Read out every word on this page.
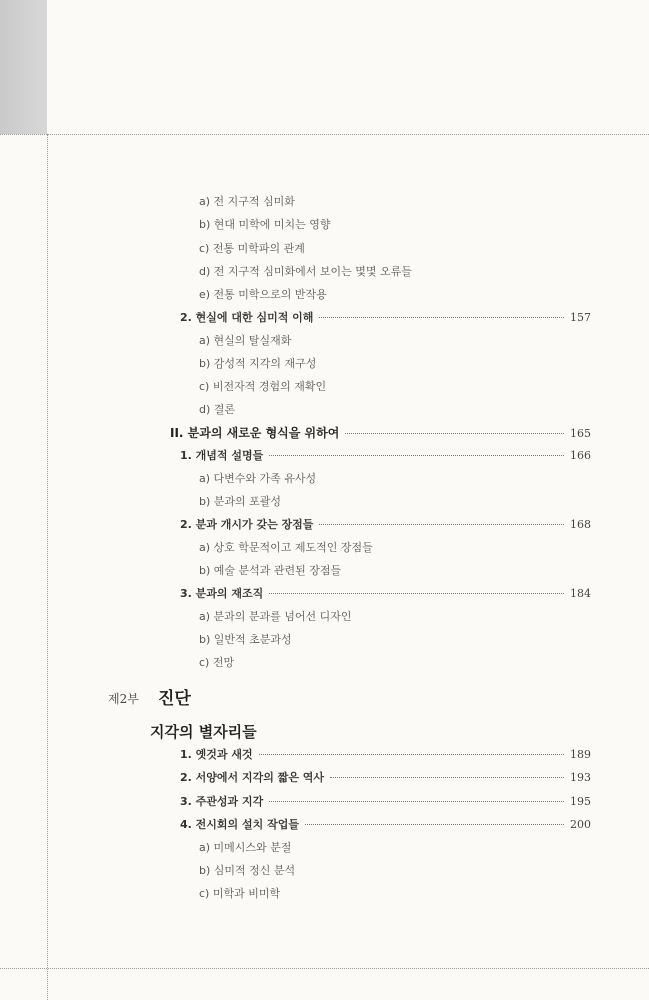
제2부 진단
지각의 별자리들
a) 전 지구적 심미화
b) 현대 미학에 미치는 영향
c) 전통 미학파의 관계
d) 전 지구적 심미화에서 보이는 몇몇 오류들
e) 전통 미학으로의 반작용
2. 현실에 대한 심미적 이해	157
a) 현실의 탈실재화
b) 감성적 지각의 재구성
c) 비전자적 경험의 재확인
d) 결론
II. 분과의 새로운 형식을 위하여	165
1. 개념적 설명들	166
a) 다변수와 가족 유사성
b) 분과의 포괄성
2. 분과 개시가 갖는 장점들	168
a) 상호 학문적이고 제도적인 장점들
b) 예술 분석과 관련된 장점들
3. 분과의 재조직	184
a) 분과의 분과를 넘어선 디자인
b) 일반적 초분과성
c) 전망
1. 옛것과 새것	189
2. 서양에서 지각의 짧은 역사	193
3. 주관성과 지각	195
4. 전시회의 설치 작업들	200
a) 미메시스와 분절
b) 심미적 정신 분석
c) 미학과 비미학
